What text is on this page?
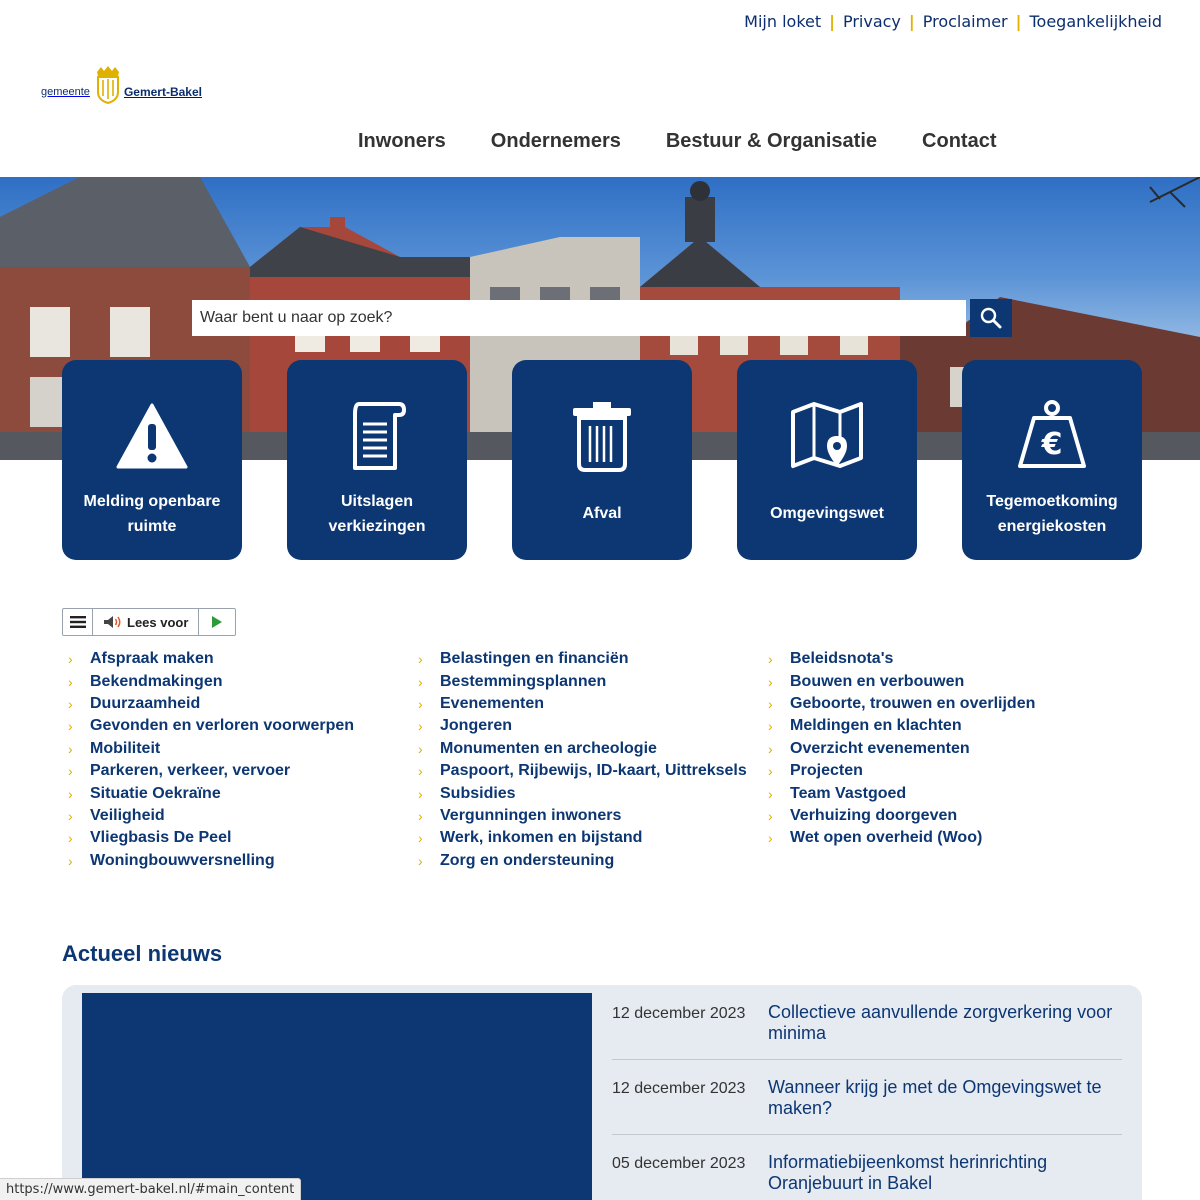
Mijn loket | Privacy | Proclaimer | Toegankelijkheid
gemeente	Gemert-Bakel
Inwoners Ondernemers Bestuur & Organisatie Contact
Waar bent u naar op zoek?
Melding openbare ruimte
Uitslagen verkiezingen
Afval	Omgevingswet
€
Tegemoetkoming energiekosten
Lees voor
›	Afspraak maken
›	Bekendmakingen
›	Duurzaamheid
›	Gevonden en verloren voorwerpen
›	Mobiliteit
›	Parkeren, verkeer, vervoer
›	Situatie Oekraïne
›	Veiligheid
›	Vliegbasis De Peel
›	Woningbouwversnelling
›	Belastingen en financiën
›	Bestemmingsplannen
›	Evenementen
›	Jongeren
›	Monumenten en archeologie
›	Paspoort, Rijbewijs, ID-kaart, Uittreksels
›	Subsidies
›	Vergunningen inwoners
›	Werk, inkomen en bijstand
›	Zorg en ondersteuning
›	Beleidsnota's
›	Bouwen en verbouwen
›	Geboorte, trouwen en overlijden
›	Meldingen en klachten
›	Overzicht evenementen
›	Projecten
›	Team Vastgoed
›	Verhuizing doorgeven
›	Wet open overheid (Woo)
Actueel nieuws
12 december 2023	Collectieve aanvullende zorgverkering voor minima
12 december 2023	Wanneer krijg je met de Omgevingswet te maken?
05 december 2023	Informatiebijeenkomst herinrichting Oranjebuurt in Bakel
https://www.gemert-bakel.nl/#main_content
